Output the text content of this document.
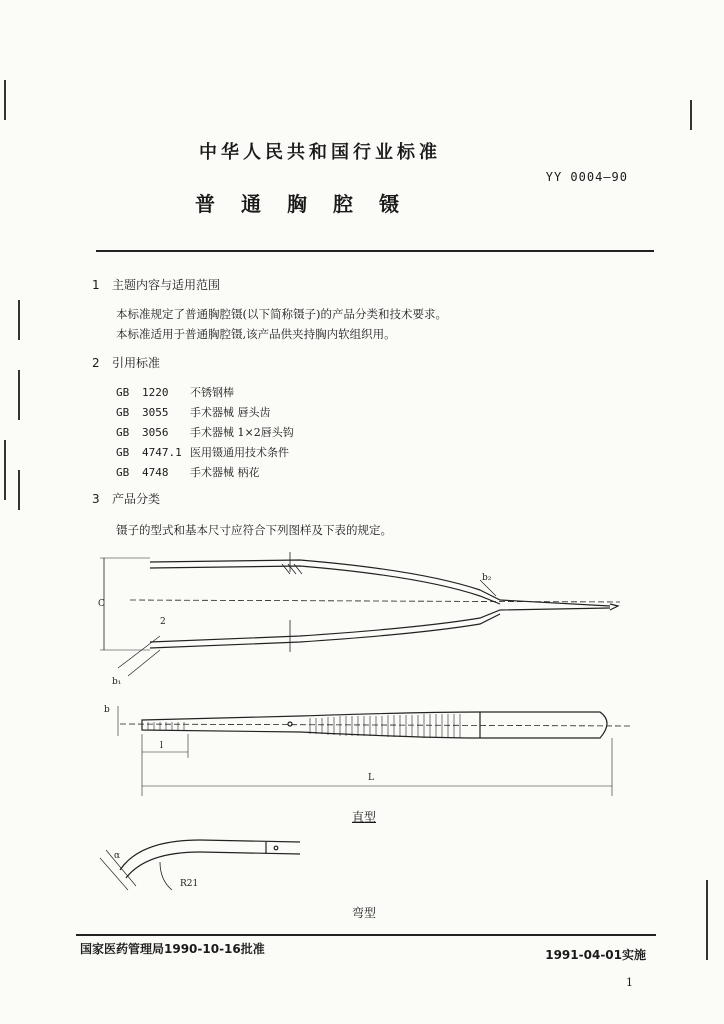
中华人民共和国行业标准
YY 0004—90
普通胸腔镊
1 主题内容与适用范围
本标准规定了普通胸腔镊(以下简称镊子)的产品分类和技术要求。
本标准适用于普通胸腔镊,该产品供夹持胸内软组织用。
2 引用标准
GB 1220 不锈钢棒
GB 3055 手术器械 唇头齿
GB 3056 手术器械 1×2唇头钩
GB 4747.1 医用镊通用技术条件
GB 4748 手术器械 柄花
3 产品分类
镊子的型式和基本尺寸应符合下列图样及下表的规定。
C
2
b₁
b₂
b
l
L
α
R21
直型
弯型
国家医药管理局1990-10-16批准	1991-04-01实施
1
